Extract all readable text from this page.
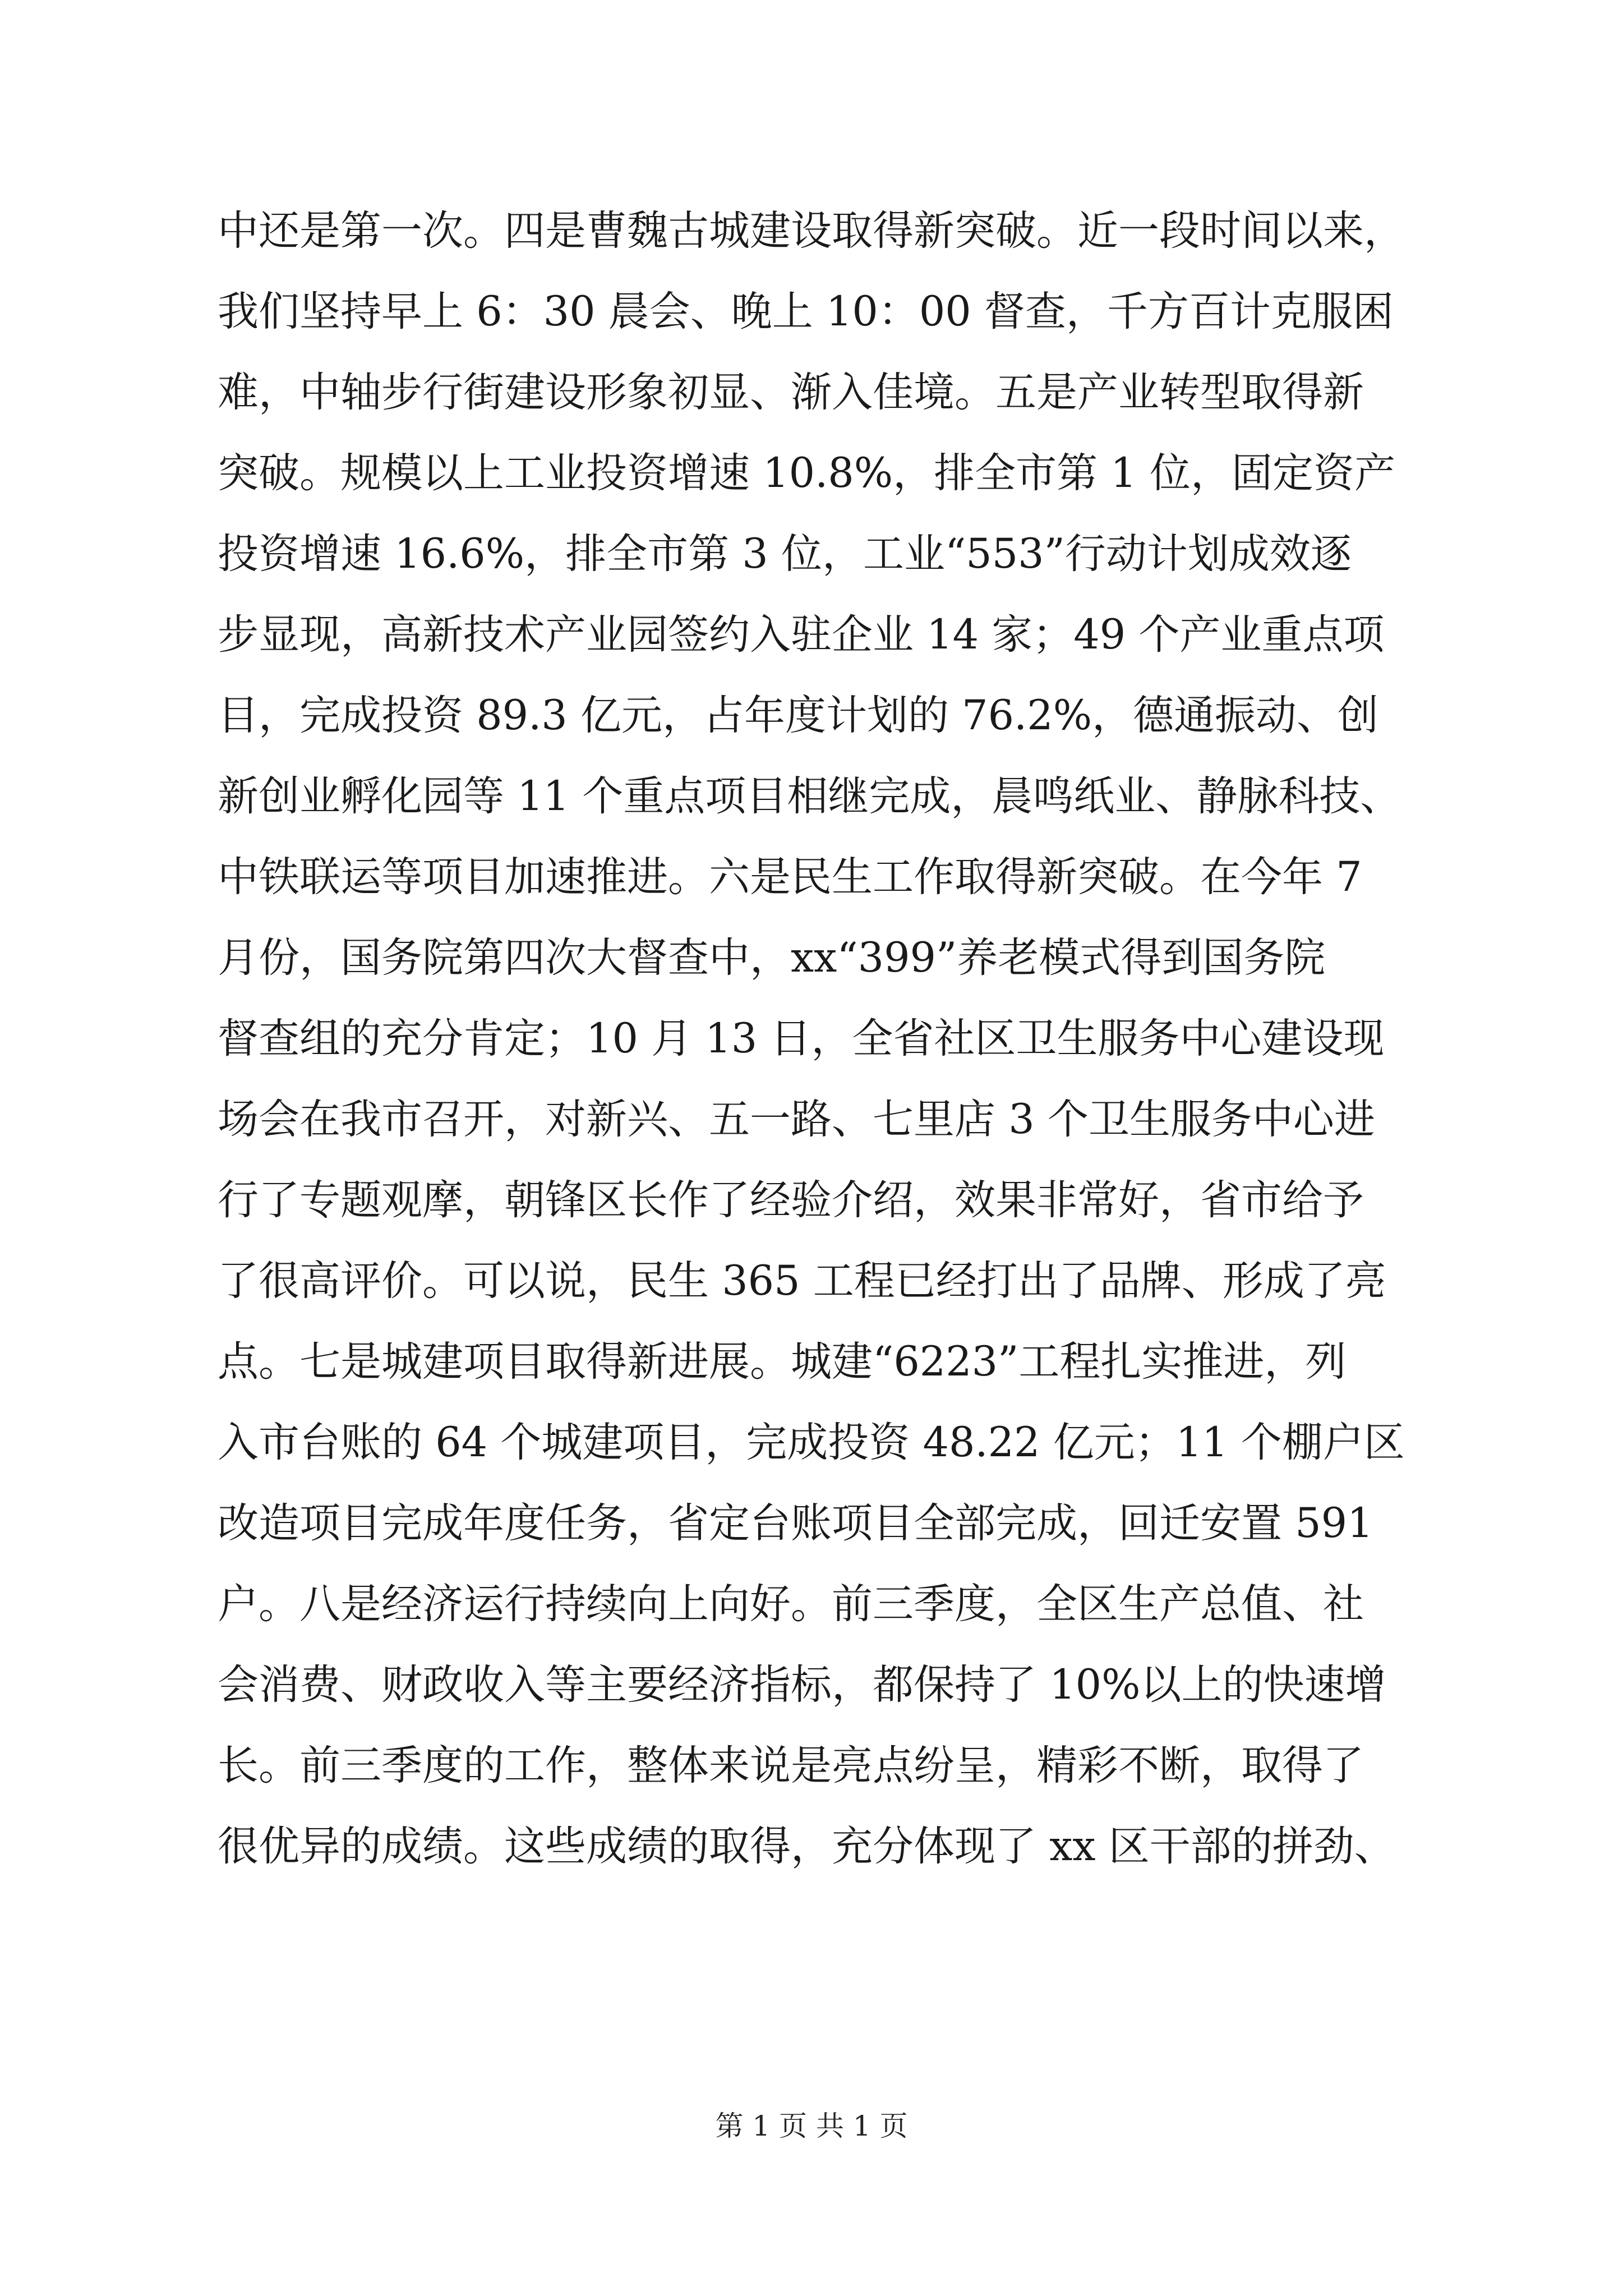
中还是第一次。四是曹魏古城建设取得新突破。近一段时间以来，
我们坚持早上 6：30 晨会、晚上 10：00 督查，千方百计克服困
难，中轴步行街建设形象初显、渐入佳境。五是产业转型取得新
突破。规模以上工业投资增速 10.8%，排全市第 1 位，固定资产
投资增速 16.6%，排全市第 3 位，工业“553”行动计划成效逐
步显现，高新技术产业园签约入驻企业 14 家；49 个产业重点项
目，完成投资 89.3 亿元，占年度计划的 76.2%，德通振动、创
新创业孵化园等 11 个重点项目相继完成，晨鸣纸业、静脉科技、
中铁联运等项目加速推进。六是民生工作取得新突破。在今年 7
月份，国务院第四次大督查中，xx“399”养老模式得到国务院
督查组的充分肯定；10 月 13 日，全省社区卫生服务中心建设现
场会在我市召开，对新兴、五一路、七里店 3 个卫生服务中心进
行了专题观摩，朝锋区长作了经验介绍，效果非常好，省市给予
了很高评价。可以说，民生 365 工程已经打出了品牌、形成了亮
点。七是城建项目取得新进展。城建“6223”工程扎实推进，列
入市台账的 64 个城建项目，完成投资 48.22 亿元；11 个棚户区
改造项目完成年度任务，省定台账项目全部完成，回迁安置 591
户。八是经济运行持续向上向好。前三季度，全区生产总值、社
会消费、财政收入等主要经济指标，都保持了 10%以上的快速增
长。前三季度的工作，整体来说是亮点纷呈，精彩不断，取得了
很优异的成绩。这些成绩的取得，充分体现了 xx 区干部的拼劲、
第 1 页 共 1 页
